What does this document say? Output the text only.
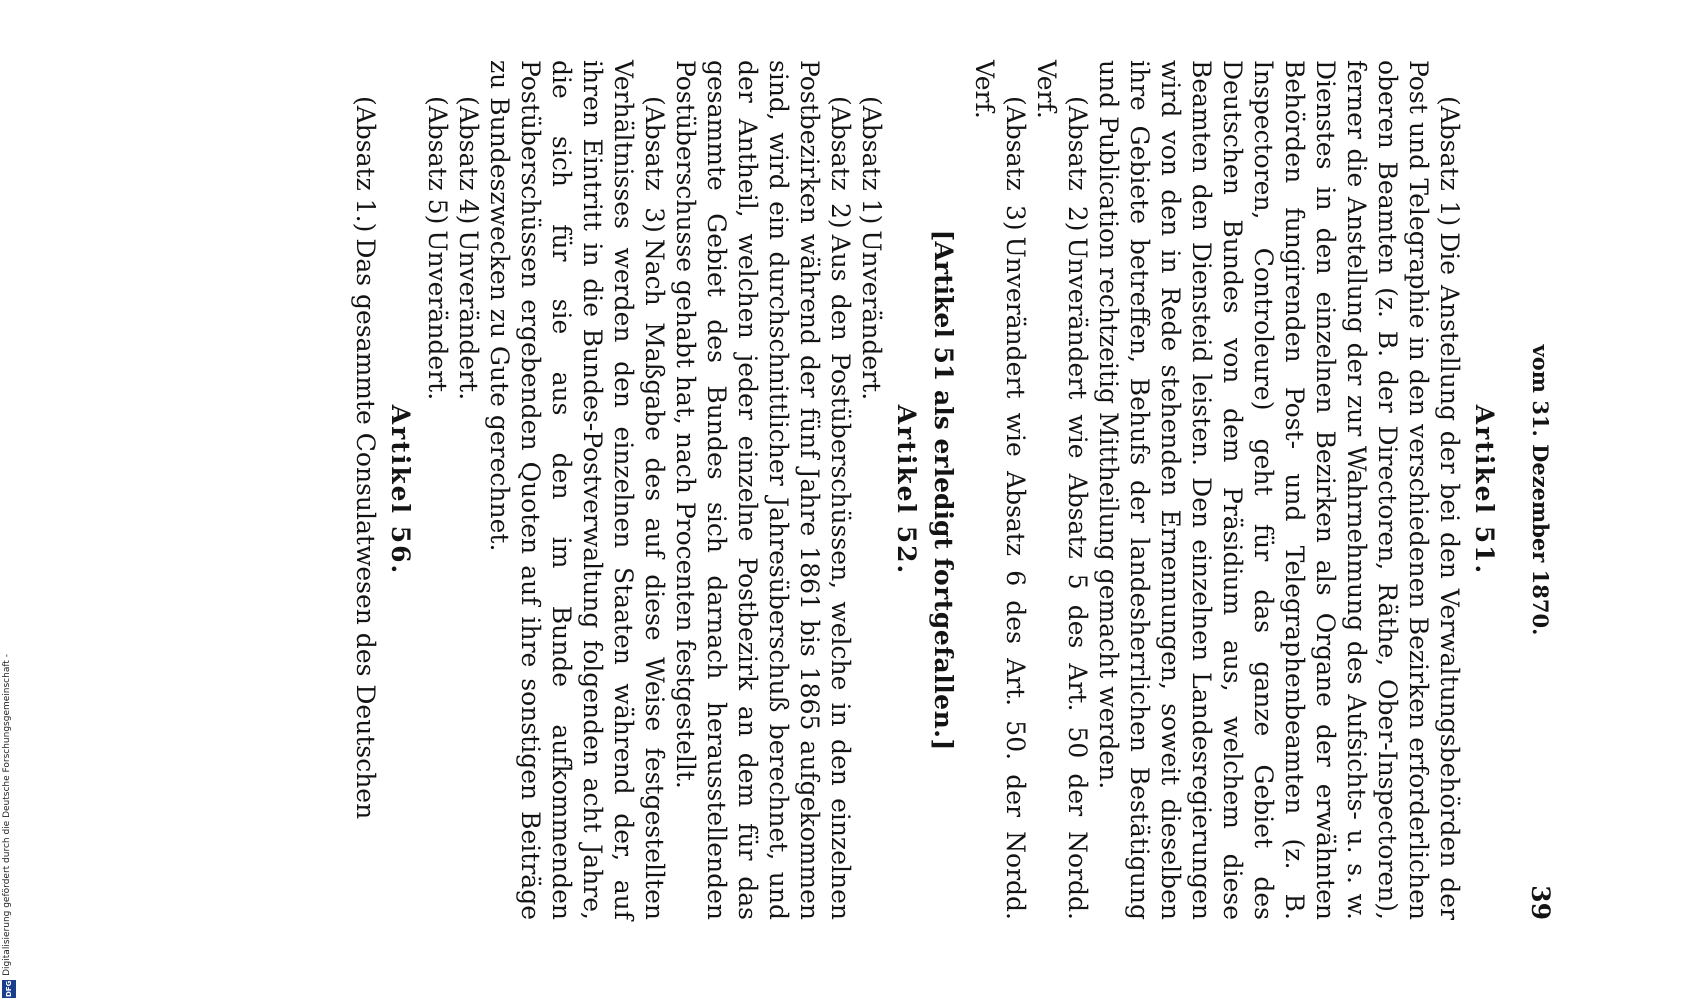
Digitalisierung gefördert durch die Deutsche Forschungsgemeinschaft -
DFG
vom 31. Dezember 1870.
39
Artikel 51.

(Absatz 1)Die Anstellung der bei den Verwaltungsbehörden der Post und Telegraphie in den verschiedenen Bezirken erforderlichen oberen Beamten (z. B. der Directoren, Räthe, Ober-Inspectoren), ferner die Anstellung der zur Wahrnehmung des Aufsichts- u. s. w. Dienstes in den einzelnen Bezirken als Organe der erwähnten Behörden fungirenden Post- und Telegraphenbeamten (z. B. Inspectoren, Controleure) geht für das ganze Gebiet des Deutschen Bundes von dem Präsidium aus, welchem diese Beamten den Diensteid leisten. Den einzelnen Landesregierungen wird von den in Rede stehenden Ernennungen, soweit dieselben ihre Gebiete betreffen, Behufs der landesherrlichen Bestätigung und Publication rechtzeitig Mittheilung gemacht werden.

(Absatz 2)Unverändert wie Absatz 5 des Art. 50 der Nordd. Verf.

(Absatz 3)Unverändert wie Absatz 6 des Art. 50. der Nordd. Verf.

[Artikel 51 als erledigt fortgefallen.]
Artikel 52.

(Absatz 1)Unverändert.

(Absatz 2)Aus den Postüberschüssen, welche in den einzelnen Postbezirken während der fünf Jahre 1861 bis 1865 aufgekommen sind, wird ein durchschnittlicher Jahresüberschuß berechnet, und der Antheil, welchen jeder einzelne Postbezirk an dem für das gesammte Gebiet des Bundes sich darnach herausstellenden Postüberschusse gehabt hat, nach Procenten festgestellt.

(Absatz 3)Nach Maßgabe des auf diese Weise festgestellten Verhältnisses werden den einzelnen Staaten während der, auf ihren Eintritt in die Bundes-Postverwaltung folgenden acht Jahre, die sich für sie aus den im Bunde aufkommenden Postüberschüssen ergebenden Quoten auf ihre sonstigen Beiträge zu Bundeszwecken zu Gute gerechnet.

(Absatz 4)Unverändert.

(Absatz 5)Unverändert.

Artikel 56.

(Absatz 1.)Das gesammte Consulatwesen des Deutschen
